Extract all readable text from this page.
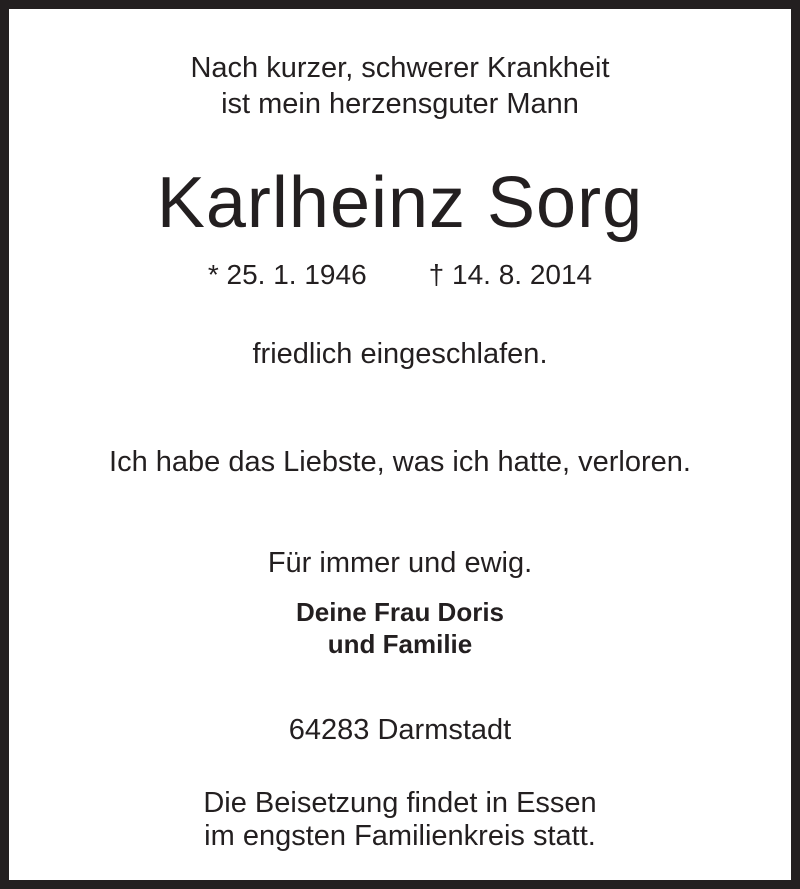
Nach kurzer, schwerer Krankheit
ist mein herzensguter Mann
Karlheinz Sorg
* 25. 1. 1946 † 14. 8. 2014
friedlich eingeschlafen.
Ich habe das Liebste, was ich hatte, verloren.
Für immer und ewig.
Deine Frau Doris
und Familie
64283 Darmstadt
Die Beisetzung findet in Essen
im engsten Familienkreis statt.
